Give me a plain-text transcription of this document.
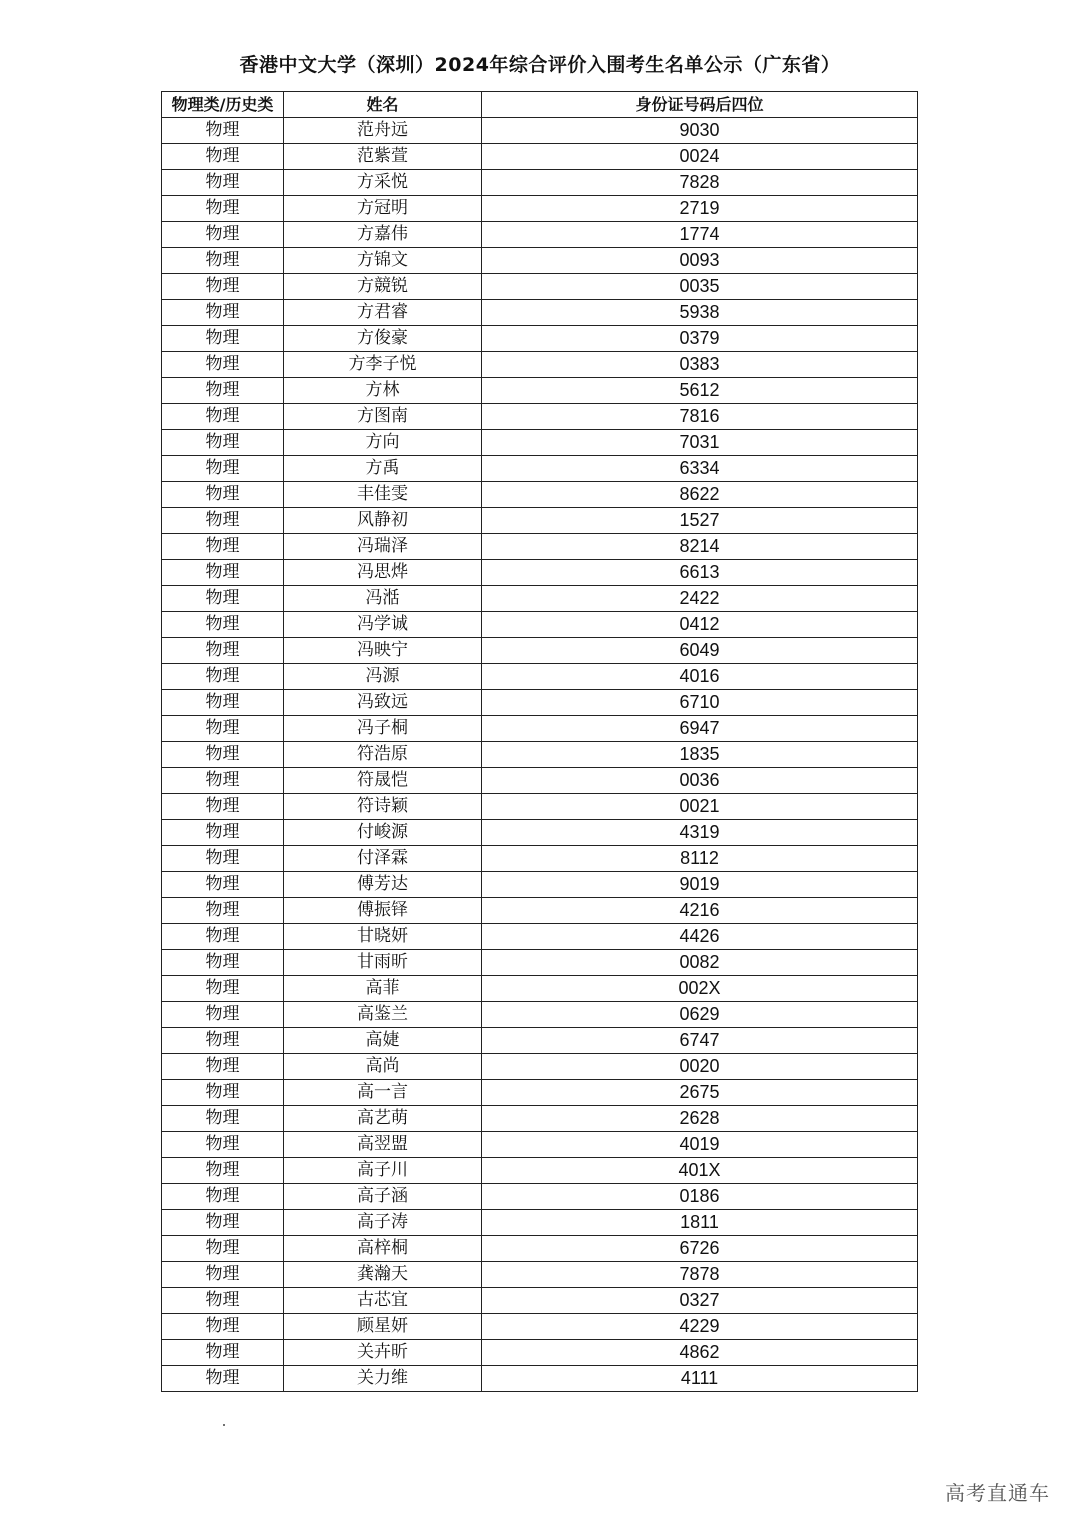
香港中文大学（深圳）2024年综合评价入围考生名单公示（广东省）
物理类/历史类	姓名	身份证号码后四位
物理	范舟远	9030
物理	范紫萱	0024
物理	方采悦	7828
物理	方冠明	2719
物理	方嘉伟	1774
物理	方锦文	0093
物理	方競锐	0035
物理	方君睿	5938
物理	方俊豪	0379
物理	方李子悦	0383
物理	方林	5612
物理	方图南	7816
物理	方向	7031
物理	方禹	6334
物理	丰佳雯	8622
物理	风静初	1527
物理	冯瑞泽	8214
物理	冯思烨	6613
物理	冯湉	2422
物理	冯学诚	0412
物理	冯映宁	6049
物理	冯源	4016
物理	冯致远	6710
物理	冯子桐	6947
物理	符浩原	1835
物理	符晟恺	0036
物理	符诗颖	0021
物理	付峻源	4319
物理	付泽霖	8112
物理	傅芳达	9019
物理	傅振铎	4216
物理	甘晓妍	4426
物理	甘雨昕	0082
物理	高菲	002X
物理	高鉴兰	0629
物理	高婕	6747
物理	高尚	0020
物理	高一言	2675
物理	高艺萌	2628
物理	高翌盟	4019
物理	高子川	401X
物理	高子涵	0186
物理	高子涛	1811
物理	高梓桐	6726
物理	龚瀚天	7878
物理	古芯宜	0327
物理	顾星妍	4229
物理	关卉昕	4862
物理	关力维	4111
高考直通车
